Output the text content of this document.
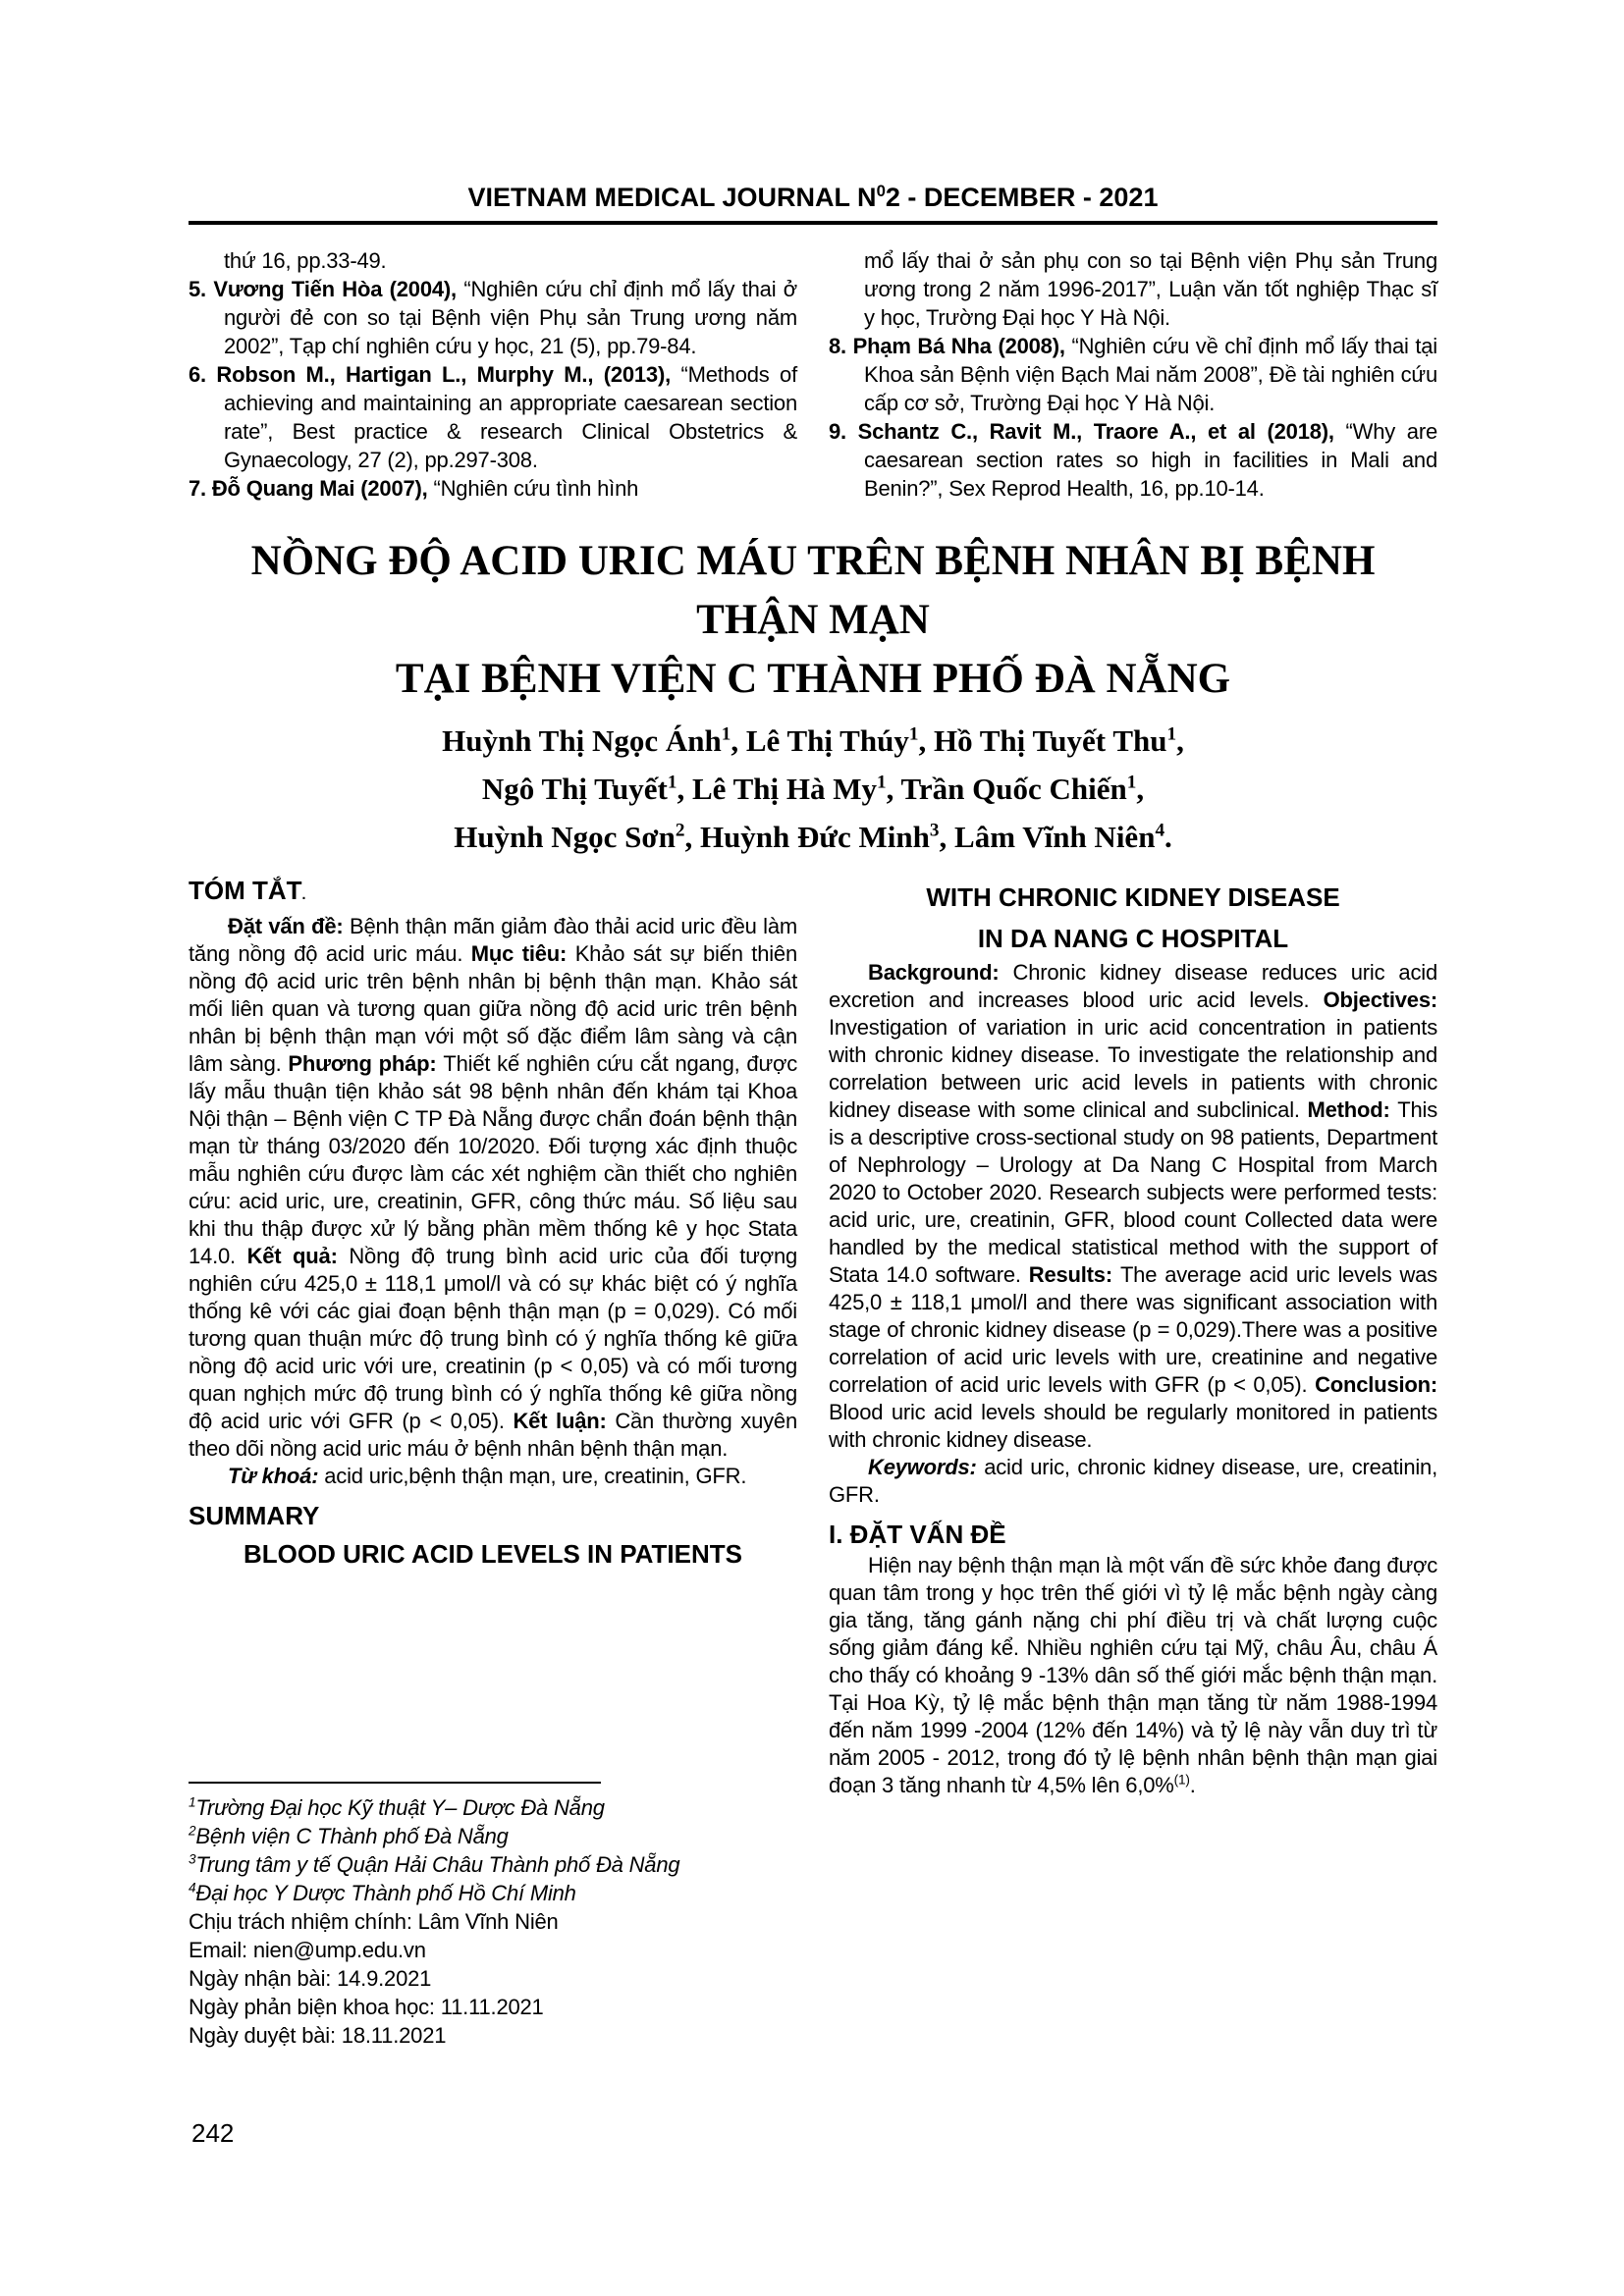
VIETNAM MEDICAL JOURNAL $N^02$ - DECEMBER - 2021

thứ 16, pp.33-49.

5. Vương Tiến Hòa (2004), “Nghiên cứu chỉ định mổ lấy thai ở người đẻ con so tại Bệnh viện Phụ sản Trung ương năm 2002”, Tạp chí nghiên cứu y học, 21 (5), pp.79-84.

6. Robson M., Hartigan L., Murphy M., (2013), “Methods of achieving and maintaining an appropriate caesarean section rate”, Best practice & research Clinical Obstetrics & Gynaecology, 27 (2), pp.297-308.

7. Đỗ Quang Mai (2007), “Nghiên cứu tình hình

mổ lấy thai ở sản phụ con so tại Bệnh viện Phụ sản Trung ương trong 2 năm 1996-2017”, Luận văn tốt nghiệp Thạc sĩ y học, Trường Đại học Y Hà Nội.

8. Phạm Bá Nha (2008), “Nghiên cứu về chỉ định mổ lấy thai tại Khoa sản Bệnh viện Bạch Mai năm 2008”, Đề tài nghiên cứu cấp cơ sở, Trường Đại học Y Hà Nội.

9. Schantz C., Ravit M., Traore A., et al (2018), “Why are caesarean section rates so high in facilities in Mali and Benin?”, Sex Reprod Health, 16, pp.10-14.

NỒNG ĐỘ ACID URIC MÁU TRÊN BỆNH NHÂN BỊ BỆNH THẬN MẠN
TẠI BỆNH VIỆN C THÀNH PHỐ ĐÀ NẴNG
Huỳnh Thị Ngọc Ánh$^1$, Lê Thị Thúy$^1$, Hồ Thị Tuyết Thu$^1$,
Ngô Thị Tuyết$^1$, Lê Thị Hà My$^1$, Trần Quốc Chiến$^1$,
Huỳnh Ngọc Sơn$^2$, Huỳnh Đức Minh$^3$, Lâm Vĩnh Niên$^4$.
TÓM TẮT.

Đặt vấn đề: Bệnh thận mãn giảm đào thải acid uric đều làm tăng nồng độ acid uric máu. Mục tiêu: Khảo sát sự biến thiên nồng độ acid uric trên bệnh nhân bị bệnh thận mạn. Khảo sát mối liên quan và tương quan giữa nồng độ acid uric trên bệnh nhân bị bệnh thận mạn với một số đặc điểm lâm sàng và cận lâm sàng. Phương pháp: Thiết kế nghiên cứu cắt ngang, được lấy mẫu thuận tiện khảo sát 98 bệnh nhân đến khám tại Khoa Nội thận – Bệnh viện C TP Đà Nẵng được chẩn đoán bệnh thận mạn từ tháng 03/2020 đến 10/2020. Đối tượng xác định thuộc mẫu nghiên cứu được làm các xét nghiệm cần thiết cho nghiên cứu: acid uric, ure, creatinin, GFR, công thức máu. Số liệu sau khi thu thập được xử lý bằng phần mềm thống kê y học Stata 14.0. Kết quả: Nồng độ trung bình acid uric của đối tượng nghiên cứu 425,0 ± 118,1 μmol/l và có sự khác biệt có ý nghĩa thống kê với các giai đoạn bệnh thận mạn (p = 0,029). Có mối tương quan thuận mức độ trung bình có ý nghĩa thống kê giữa nồng độ acid uric với ure, creatinin (p < 0,05) và có mối tương quan nghịch mức độ trung bình có ý nghĩa thống kê giữa nồng độ acid uric với GFR (p < 0,05). Kết luận: Cần thường xuyên theo dõi nồng acid uric máu ở bệnh nhân bệnh thận mạn.

Từ khoá: acid uric,bệnh thận mạn, ure, creatinin, GFR.

SUMMARY
BLOOD URIC ACID LEVELS IN PATIENTS

$^1$Trường Đại học Kỹ thuật Y– Dược Đà Nẵng

$^2$Bệnh viện C Thành phố Đà Nẵng

$^3$Trung tâm y tế Quận Hải Châu Thành phố Đà Nẵng

$^4$Đại học Y Dược Thành phố Hồ Chí Minh

Chịu trách nhiệm chính: Lâm Vĩnh Niên

Email: nien@ump.edu.vn

Ngày nhận bài: 14.9.2021

Ngày phản biện khoa học: 11.11.2021

Ngày duyệt bài: 18.11.2021

WITH CHRONIC KIDNEY DISEASE
IN DA NANG C HOSPITAL

Background: Chronic kidney disease reduces uric acid excretion and increases blood uric acid levels. Objectives: Investigation of variation in uric acid concentration in patients with chronic kidney disease. To investigate the relationship and correlation between uric acid levels in patients with chronic kidney disease with some clinical and subclinical. Method: This is a descriptive cross-sectional study on 98 patients, Department of Nephrology – Urology at Da Nang C Hospital from March 2020 to October 2020. Research subjects were performed tests: acid uric, ure, creatinin, GFR, blood count Collected data were handled by the medical statistical method with the support of Stata 14.0 software. Results: The average acid uric levels was 425,0 ± 118,1 μmol/l and there was significant association with stage of chronic kidney disease (p = 0,029).There was a positive correlation of acid uric levels with ure, creatinine and negative correlation of acid uric levels with GFR (p < 0,05). Conclusion: Blood uric acid levels should be regularly monitored in patients with chronic kidney disease.

Keywords: acid uric, chronic kidney disease, ure, creatinin, GFR.

I. ĐẶT VẤN ĐỀ

Hiện nay bệnh thận mạn là một vấn đề sức khỏe đang được quan tâm trong y học trên thế giới vì tỷ lệ mắc bệnh ngày càng gia tăng, tăng gánh nặng chi phí điều trị và chất lượng cuộc sống giảm đáng kể. Nhiều nghiên cứu tại Mỹ, châu Âu, châu Á cho thấy có khoảng 9 -13% dân số thế giới mắc bệnh thận mạn. Tại Hoa Kỳ, tỷ lệ mắc bệnh thận mạn tăng từ năm 1988-1994 đến năm 1999 -2004 (12% đến 14%) và tỷ lệ này vẫn duy trì từ năm 2005 - 2012, trong đó tỷ lệ bệnh nhân bệnh thận mạn giai đoạn 3 tăng nhanh từ 4,5% lên 6,0%$^{(1)}$.

242
